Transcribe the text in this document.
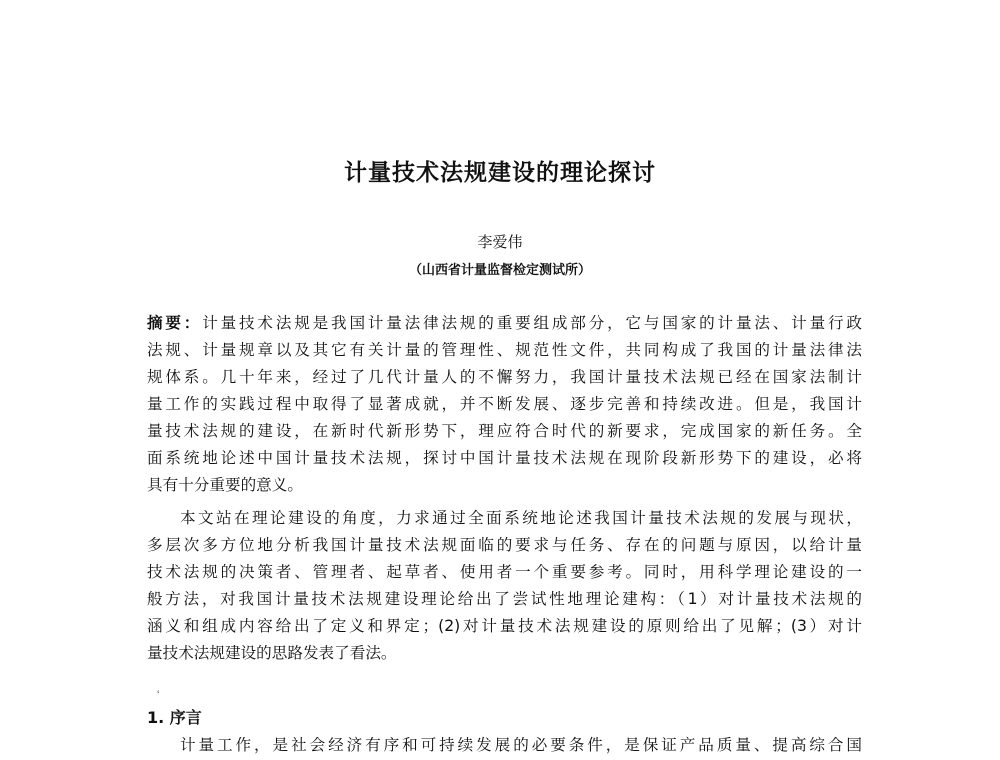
计量技术法规建设的理论探讨
李爱伟
（山西省计量监督检定测试所）
摘要：计量技术法规是我国计量法律法规的重要组成部分，它与国家的计量法、计量行政
法规、计量规章以及其它有关计量的管理性、规范性文件，共同构成了我国的计量法律法
规体系。几十年来，经过了几代计量人的不懈努力，我国计量技术法规已经在国家法制计
量工作的实践过程中取得了显著成就，并不断发展、逐步完善和持续改进。但是，我国计
量技术法规的建设，在新时代新形势下，理应符合时代的新要求，完成国家的新任务。全
面系统地论述中国计量技术法规，探讨中国计量技术法规在现阶段新形势下的建设，必将
具有十分重要的意义。
本文站在理论建设的角度，力求通过全面系统地论述我国计量技术法规的发展与现状，
多层次多方位地分析我国计量技术法规面临的要求与任务、存在的问题与原因，以给计量
技术法规的决策者、管理者、起草者、使用者一个重要参考。同时，用科学理论建设的一
般方法，对我国计量技术法规建设理论给出了尝试性地理论建构：（1）对计量技术法规的
涵义和组成内容给出了定义和界定；(2)对计量技术法规建设的原则给出了见解；(3）对计
量技术法规建设的思路发表了看法。
ʿ
1. 序言
计量工作，是社会经济有序和可持续发展的必要条件，是保证产品质量、提高综合国
